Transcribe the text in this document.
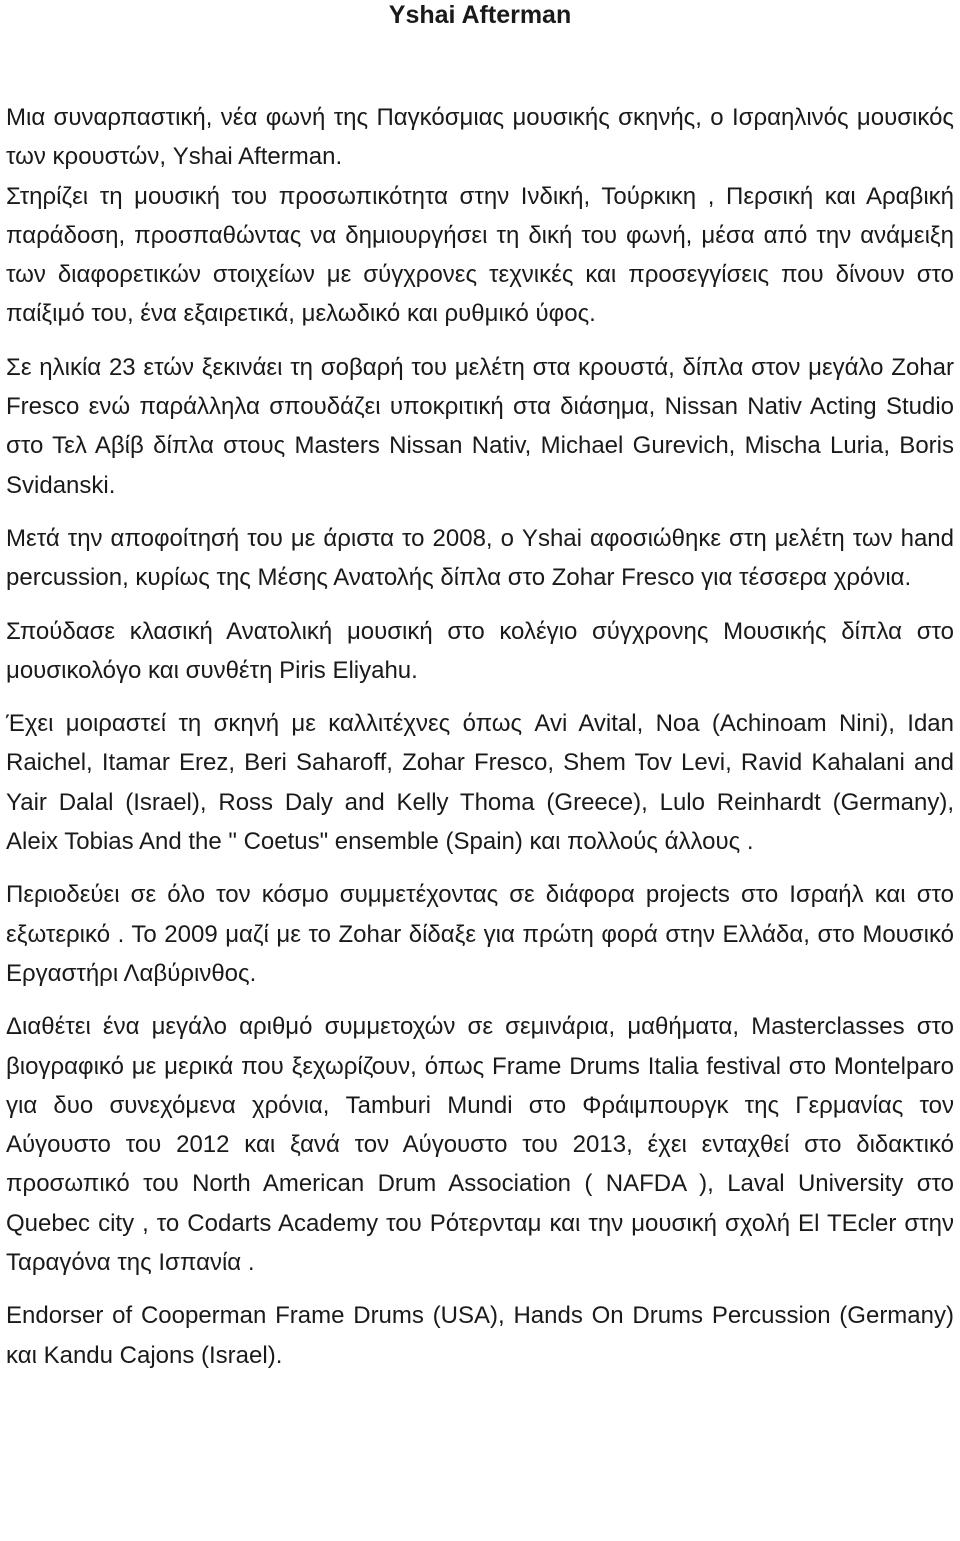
Yshai Afterman

Μια συναρπαστική, νέα φωνή της Παγκόσμιας μουσικής σκηνής, ο Ισραηλινός μουσικός των κρουστών, Yshai Afterman.

Στηρίζει τη μουσική του προσωπικότητα στην Ινδική, Τούρκικη , Περσική και Αραβική παράδοση, προσπαθώντας να δημιουργήσει τη δική του φωνή, μέσα από την ανάμειξη των διαφορετικών στοιχείων με σύγχρονες τεχνικές και προσεγγίσεις που δίνουν στο παίξιμό του, ένα εξαιρετικά, μελωδικό και ρυθμικό ύφος.

Σε ηλικία 23 ετών ξεκινάει τη σοβαρή του μελέτη στα κρουστά, δίπλα στον μεγάλο Zohar Fresco ενώ παράλληλα σπουδάζει υποκριτική στα διάσημα, Nissan Nativ Acting Studio στο Τελ Αβίβ δίπλα στους Masters Nissan Nativ, Michael Gurevich, Mischa Luria, Boris Svidanski.

Μετά την αποφοίτησή του με άριστα το 2008, ο Yshai αφοσιώθηκε στη μελέτη των hand percussion, κυρίως της Μέσης Ανατολής δίπλα στο Zohar Fresco για τέσσερα χρόνια.

Σπούδασε κλασική Ανατολική μουσική στο κολέγιο σύγχρονης Μουσικής δίπλα στο μουσικολόγο και συνθέτη Piris Eliyahu.

Έχει μοιραστεί τη σκηνή με καλλιτέχνες όπως Avi Avital, Noa (Achinoam Nini), Idan Raichel, Itamar Erez, Beri Saharoff, Zohar Fresco, Shem Tov Levi, Ravid Kahalani and Yair Dalal (Israel), Ross Daly and Kelly Thoma (Greece), Lulo Reinhardt (Germany), Aleix Tobias And the " Coetus" ensemble (Spain) και πολλούς άλλους .

Περιοδεύει σε όλο τον κόσμο συμμετέχοντας σε διάφορα projects στο Ισραήλ και στο εξωτερικό . Το 2009 μαζί με το Zohar δίδαξε για πρώτη φορά στην Ελλάδα, στο Μουσικό Εργαστήρι Λαβύρινθος.

Διαθέτει ένα μεγάλο αριθμό συμμετοχών σε σεμινάρια, μαθήματα, Masterclasses στο βιογραφικό με μερικά που ξεχωρίζουν, όπως Frame Drums Italia festival στο Montelparo για δυο συνεχόμενα χρόνια, Tamburi Mundi στο Φράιμπουργκ της Γερμανίας τον Αύγουστο του 2012 και ξανά τον Αύγουστο του 2013, έχει ενταχθεί στο διδακτικό προσωπικό του North American Drum Association ( NAFDA ), Laval University στο Quebec city , το Codarts Academy του Ρότερνταμ και την μουσική σχολή El TEcler στην Ταραγόνα της Ισπανία .

Endorser of Cooperman Frame Drums (USA), Hands On Drums Percussion (Germany) και Kandu Cajons (Israel).
